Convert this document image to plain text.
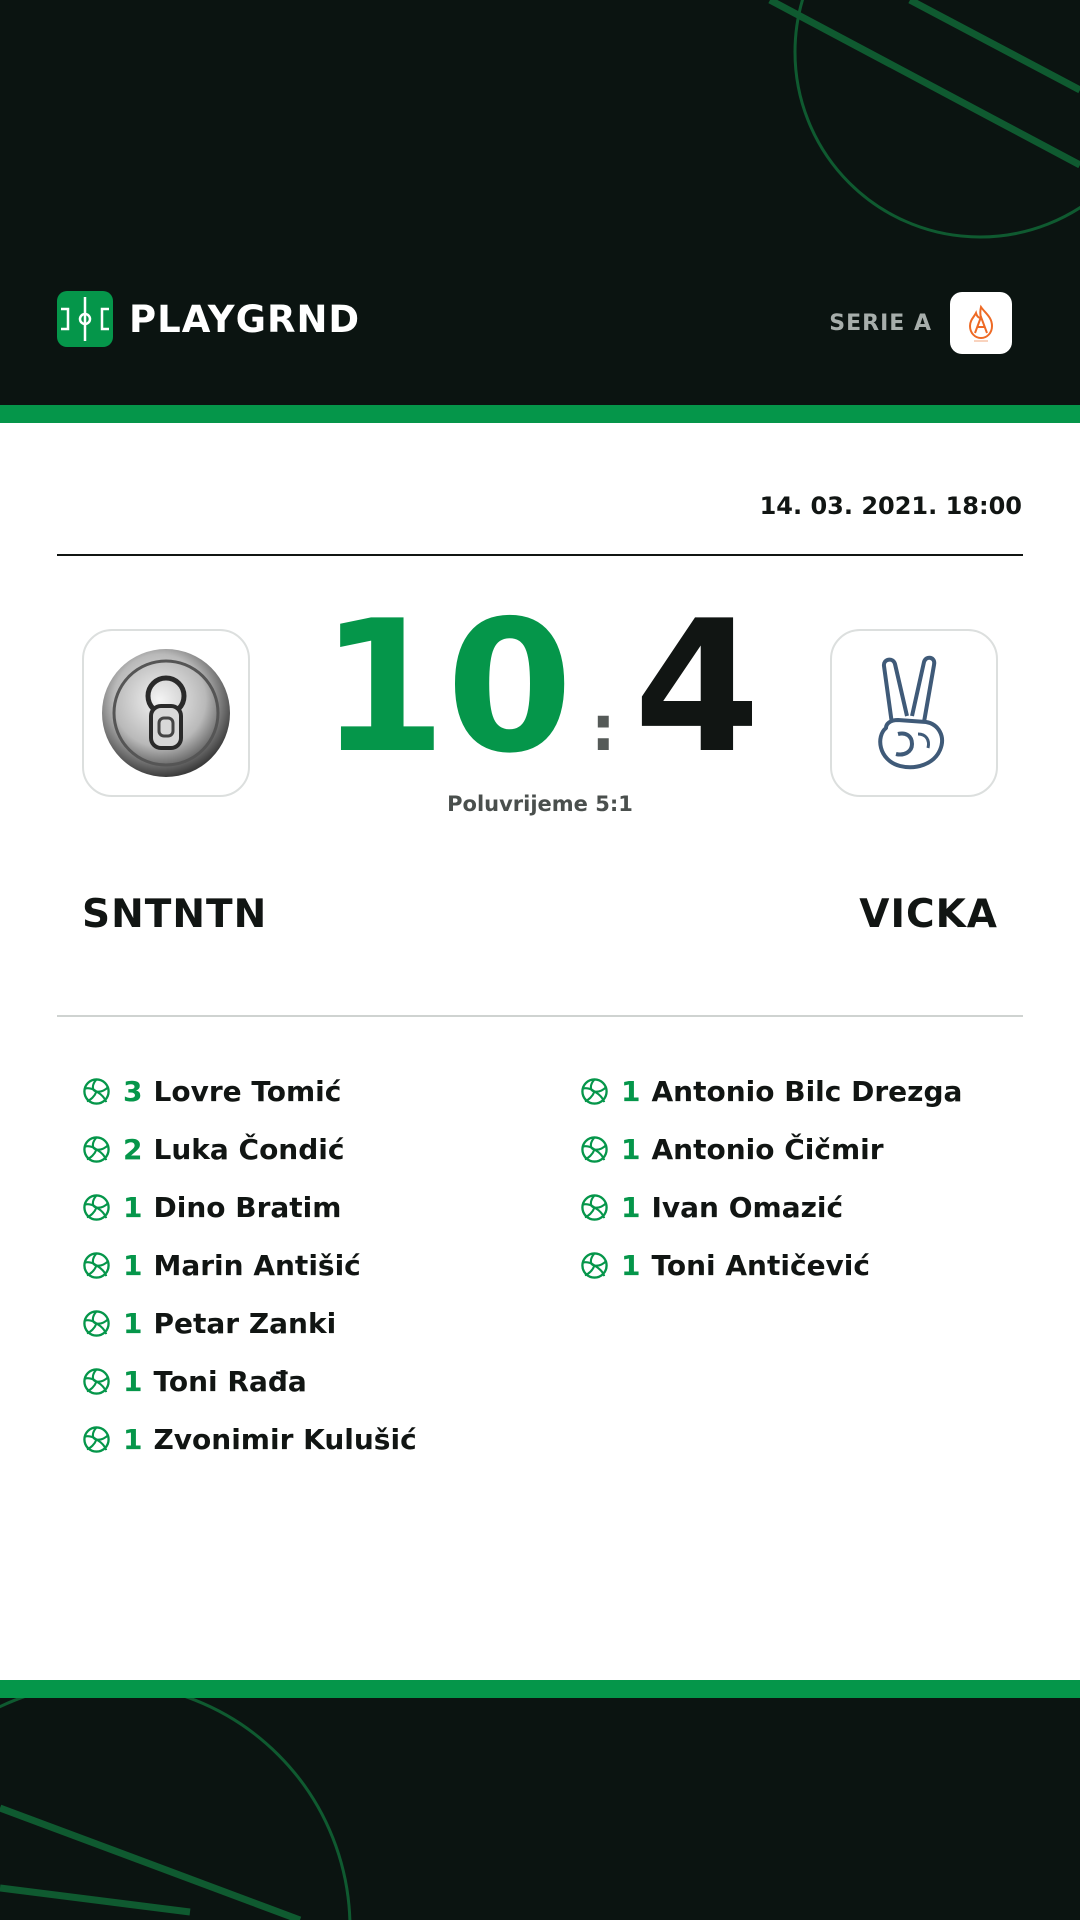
PLAYGRND	SERIE A
14. 03. 2021. 18:00
10 : 4
Poluvrijeme 5:1
SNTNTN	VICKA
3 Lovre Tomić
2 Luka Čondić
1 Dino Bratim
1 Marin Antišić
1 Petar Zanki
1 Toni Rađa
1 Zvonimir Kulušić
1 Antonio Bilc Drezga
1 Antonio Čičmir
1 Ivan Omazić
1 Toni Antičević
